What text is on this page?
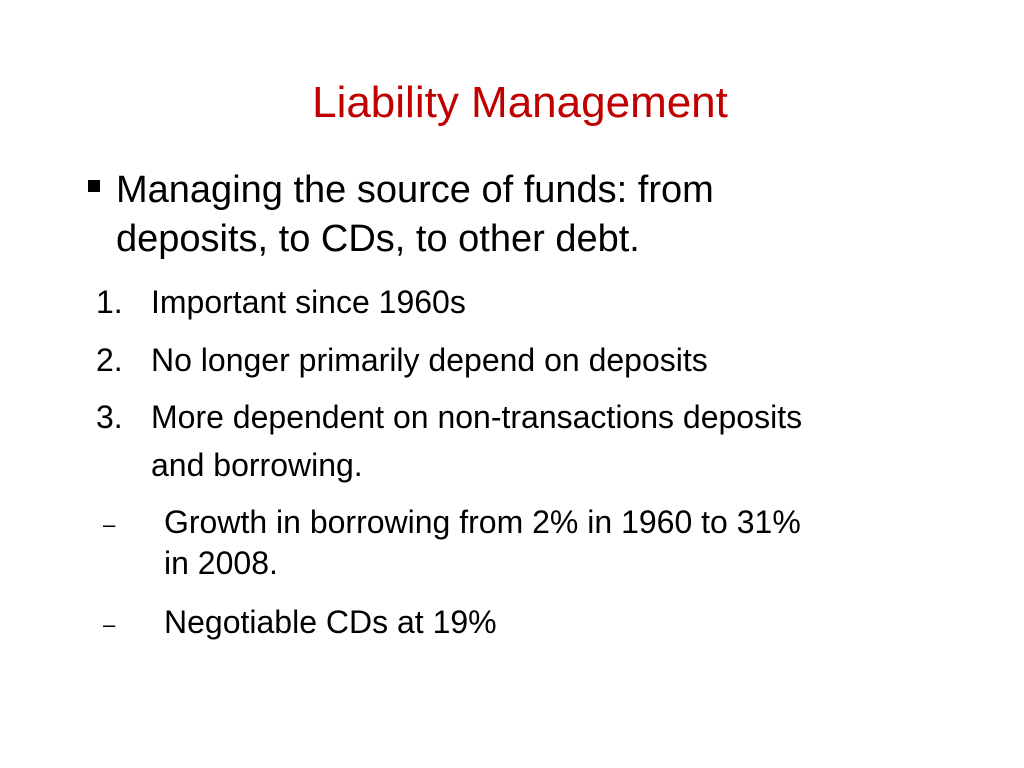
Liability Management
Managing the source of funds: from
deposits, to CDs, to other debt.
1. Important since 1960s
2. No longer primarily depend on deposits
3. More dependent on non-transactions deposits
and borrowing.
– Growth in borrowing from 2% in 1960 to 31%
in 2008.
– Negotiable CDs at 19%
